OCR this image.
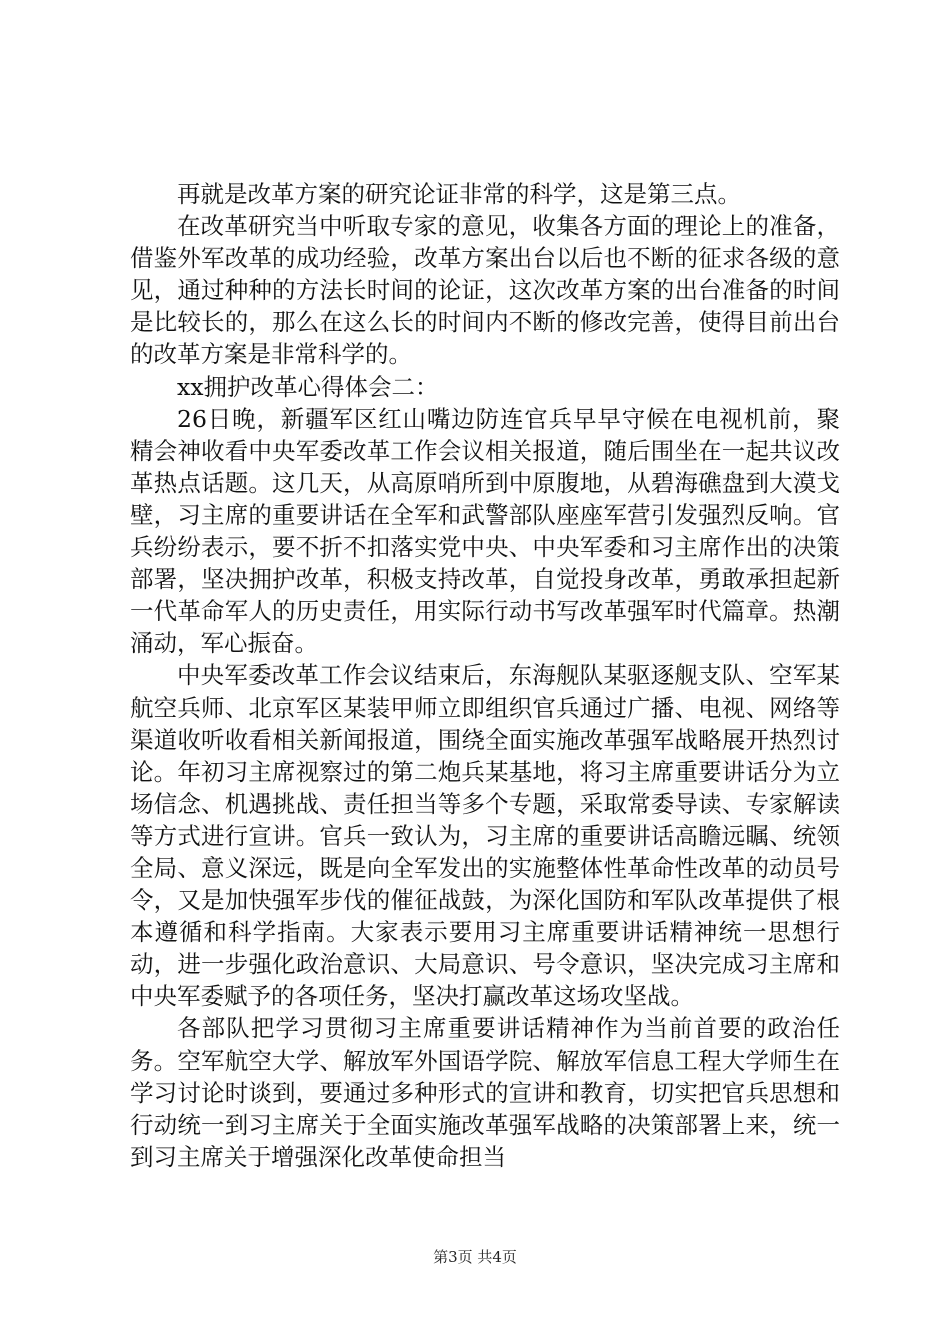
再就是改革方案的研究论证非常的科学，这是第三点。

在改革研究当中听取专家的意见，收集各方面的理论上的准备，借鉴外军改革的成功经验，改革方案出台以后也不断的征求各级的意见，通过种种的方法长时间的论证，这次改革方案的出台准备的时间是比较长的，那么在这么长的时间内不断的修改完善，使得目前出台的改革方案是非常科学的。

xx拥护改革心得体会二：

26日晚，新疆军区红山嘴边防连官兵早早守候在电视机前，聚精会神收看中央军委改革工作会议相关报道，随后围坐在一起共议改革热点话题。这几天，从高原哨所到中原腹地，从碧海礁盘到大漠戈壁，习主席的重要讲话在全军和武警部队座座军营引发强烈反响。官兵纷纷表示，要不折不扣落实党中央、中央军委和习主席作出的决策部署，坚决拥护改革，积极支持改革，自觉投身改革，勇敢承担起新一代革命军人的历史责任，用实际行动书写改革强军时代篇章。热潮涌动，军心振奋。

中央军委改革工作会议结束后，东海舰队某驱逐舰支队、空军某航空兵师、北京军区某装甲师立即组织官兵通过广播、电视、网络等渠道收听收看相关新闻报道，围绕全面实施改革强军战略展开热烈讨论。年初习主席视察过的第二炮兵某基地，将习主席重要讲话分为立场信念、机遇挑战、责任担当等多个专题，采取常委导读、专家解读等方式进行宣讲。官兵一致认为，习主席的重要讲话高瞻远瞩、统领全局、意义深远，既是向全军发出的实施整体性革命性改革的动员号令，又是加快强军步伐的催征战鼓，为深化国防和军队改革提供了根本遵循和科学指南。大家表示要用习主席重要讲话精神统一思想行动，进一步强化政治意识、大局意识、号令意识，坚决完成习主席和中央军委赋予的各项任务，坚决打赢改革这场攻坚战。

各部队把学习贯彻习主席重要讲话精神作为当前首要的政治任务。空军航空大学、解放军外国语学院、解放军信息工程大学师生在学习讨论时谈到，要通过多种形式的宣讲和教育，切实把官兵思想和行动统一到习主席关于全面实施改革强军战略的决策部署上来，统一到习主席关于增强深化改革使命担当

第3页 共4页
